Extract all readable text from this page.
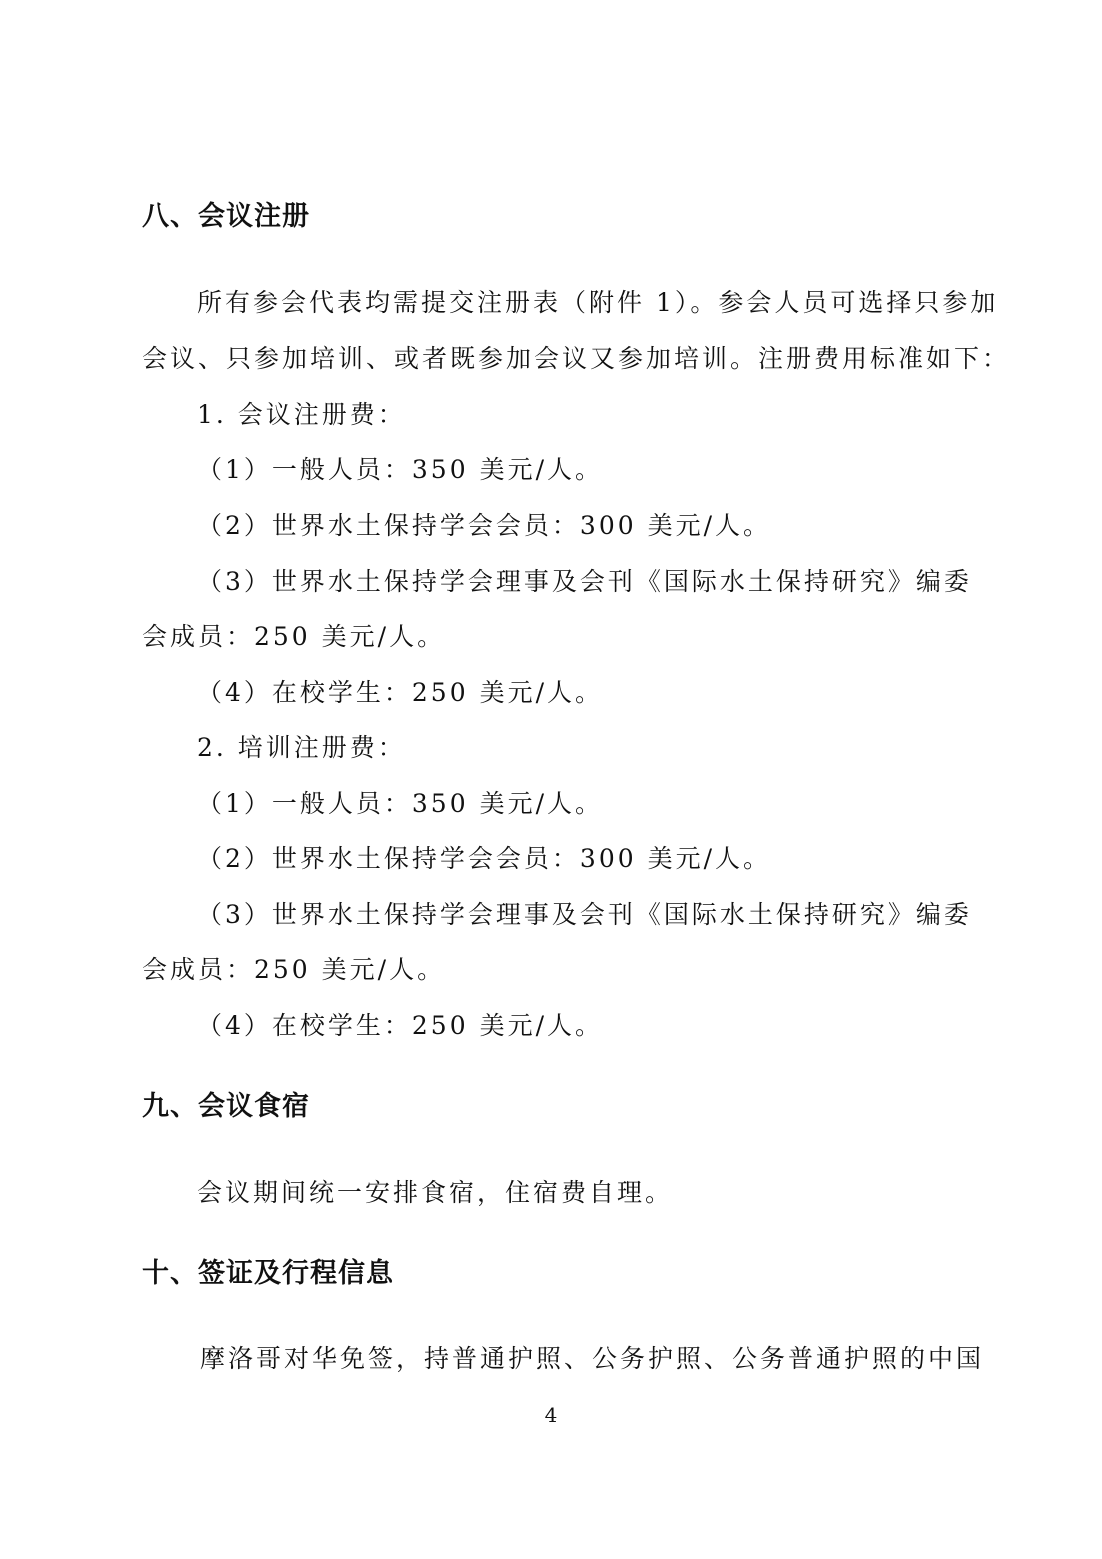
八、会议注册
所有参会代表均需提交注册表（附件 1）。参会人员可选择只参加
会议、只参加培训、或者既参加会议又参加培训。注册费用标准如下：
1. 会议注册费：
（1）一般人员：350 美元/人。
（2）世界水土保持学会会员：300 美元/人。
（3）世界水土保持学会理事及会刊《国际水土保持研究》编委
会成员：250 美元/人。
（4）在校学生：250 美元/人。
2. 培训注册费：
（1）一般人员：350 美元/人。
（2）世界水土保持学会会员：300 美元/人。
（3）世界水土保持学会理事及会刊《国际水土保持研究》编委
会成员：250 美元/人。
（4）在校学生：250 美元/人。
九、会议食宿
会议期间统一安排食宿，住宿费自理。
十、签证及行程信息
摩洛哥对华免签，持普通护照、公务护照、公务普通护照的中国
4
